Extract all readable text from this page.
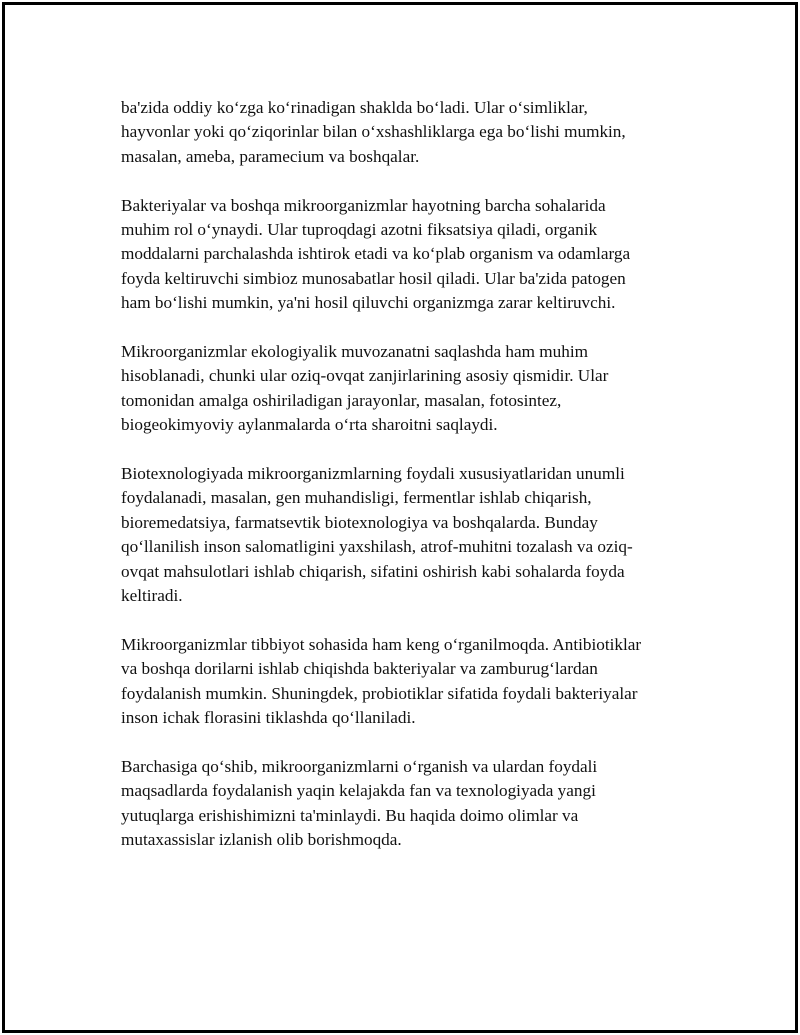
ba'zida oddiy ko‘zga ko‘rinadigan shaklda bo‘ladi. Ular o‘simliklar,
hayvonlar yoki qo‘ziqorinlar bilan o‘xshashliklarga ega bo‘lishi mumkin,
masalan, ameba, paramecium va boshqalar.

Bakteriyalar va boshqa mikroorganizmlar hayotning barcha sohalarida
muhim rol o‘ynaydi. Ular tuproqdagi azotni fiksatsiya qiladi, organik
moddalarni parchalashda ishtirok etadi va ko‘plab organism va odamlarga
foyda keltiruvchi simbioz munosabatlar hosil qiladi. Ular ba'zida patogen
ham bo‘lishi mumkin, ya'ni hosil qiluvchi organizmga zarar keltiruvchi.

Mikroorganizmlar ekologiyalik muvozanatni saqlashda ham muhim
hisoblanadi, chunki ular oziq-ovqat zanjirlarining asosiy qismidir. Ular
tomonidan amalga oshiriladigan jarayonlar, masalan, fotosintez,
biogeokimyoviy aylanmalarda o‘rta sharoitni saqlaydi.

Biotexnologiyada mikroorganizmlarning foydali xususiyatlaridan unumli
foydalanadi, masalan, gen muhandisligi, fermentlar ishlab chiqarish,
bioremedatsiya, farmatsevtik biotexnologiya va boshqalarda. Bunday
qo‘llanilish inson salomatligini yaxshilash, atrof-muhitni tozalash va oziq-
ovqat mahsulotlari ishlab chiqarish, sifatini oshirish kabi sohalarda foyda
keltiradi.

Mikroorganizmlar tibbiyot sohasida ham keng o‘rganilmoqda. Antibiotiklar
va boshqa dorilarni ishlab chiqishda bakteriyalar va zamburug‘lardan
foydalanish mumkin. Shuningdek, probiotiklar sifatida foydali bakteriyalar
inson ichak florasini tiklashda qo‘llaniladi.

Barchasiga qo‘shib, mikroorganizmlarni o‘rganish va ulardan foydali
maqsadlarda foydalanish yaqin kelajakda fan va texnologiyada yangi
yutuqlarga erishishimizni ta'minlaydi. Bu haqida doimo olimlar va
mutaxassislar izlanish olib borishmoqda.
